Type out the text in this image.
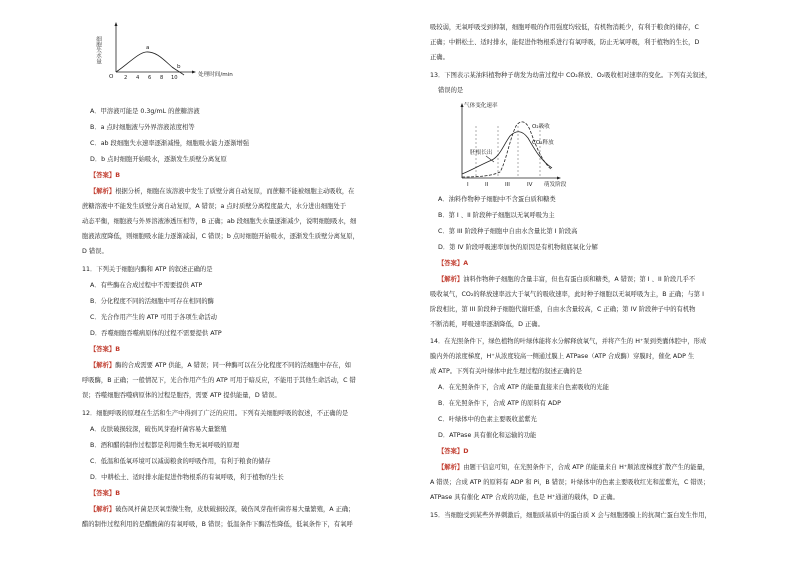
细胞失水量
O
a
b
2 4 6 8 10	处理时间/min

A．甲溶液可能是 0.3g/mL 的蔗糖溶液

B．a 点时细胞液与外界溶液浓度相等

C．ab 段细胞失水速率逐渐减慢，细胞吸水能力逐渐增强

D．b 点时细胞开始吸水，逐渐发生质壁分离复原

【答案】B

【解析】根据分析，细胞在该溶液中发生了质壁分离自动复原，而蔗糖不能被细胞主动吸收，在

蔗糖溶液中不能发生质壁分离自动复原，A 错误；a 点时质壁分离程度最大，水分进出细胞处于

动态平衡，细胞液与外界溶液渗透压相等，B 正确；ab 段细胞失水量逐渐减少，说明细胞吸水，细

胞液浓度降低，则细胞吸水能力逐渐减弱，C 错误；b 点时细胞开始吸水，逐渐发生质壁分离复原，

D 错误。

11．下列关于细胞内酶和 ATP 的叙述正确的是

A．有些酶在合成过程中不需要提供 ATP

B．分化程度不同的活细胞中可存在相同的酶

C．光合作用产生的 ATP 可用于各项生命活动

D．吞噬细胞吞噬病原体的过程不需要提供 ATP

【答案】B

【解析】酶的合成需要 ATP 供能，A 错误；同一种酶可以在分化程度不同的活细胞中存在，如

呼吸酶，B 正确；一般情况下，光合作用产生的 ATP 可用于暗反应，不能用于其他生命活动，C 错

误；吞噬细胞吞噬病原体的过程是胞吞，需要 ATP 提供能量，D 错误。

12．细胞呼吸的原理在生活和生产中得到了广泛的应用。下列有关细胞呼吸的叙述，不正确的是

A．皮肤破损较深，破伤风芽孢杆菌容易大量繁殖

B．酒和醋的制作过程都是利用微生物无氧呼吸的原理

C．低温和低氧环境可以减弱粮食的呼吸作用，有利于粮食的储存

D．中耕松土、适时排水能促进作物根系的有氧呼吸，利于植物的生长

【答案】B

【解析】破伤风杆菌是厌氧型微生物，皮肤破损较深，破伤风芽孢杆菌容易大量繁殖，A 正确；

醋的制作过程利用的是醋酸菌的有氧呼吸，B 错误；低温条件下酶活性降低，低氧条件下，有氧呼

吸较弱，无氧呼吸受到抑制，细胞呼吸的作用强度均较低，有机物消耗少，有利于粮食的储存，C

正确；中耕松土、适时排水，能促进作物根系进行有氧呼吸，防止无氧呼吸，利于植物的生长，D

正确。

13．下图表示某油料植物种子萌发为幼苗过程中 CO₂释放、O₂吸收相对速率的变化。下列有关叙述，

错误的是

气体变化速率
O₂吸收
CO₂释放
胚根长出
I	II	III	IV 萌发阶段

A．油料作物种子细胞中不含蛋白质和糖类

B．第 I 、II 阶段种子细胞以无氧呼吸为主

C．第 III 阶段种子细胞中自由水含量比第 I 阶段高

D．第 IV 阶段呼吸速率加快的原因是有机物彻底氧化分解

【答案】A

【解析】油料作物种子细胞的含量丰富，但也有蛋白质和糖类，A 错误；第 I 、II 阶段几乎不

吸收氧气，CO₂的释放速率远大于氧气的吸收速率，此时种子细胞以无氧呼吸为主，B 正确；与第 I

阶段相比，第 III 阶段种子细胞代谢旺盛，自由水含量较高，C 正确；第 IV 阶段种子中的有机物

不断消耗，呼吸速率逐渐降低，D 正确。

14．在光照条件下，绿色植物的叶绿体能将水分解释放氧气，并将产生的 H⁺泵到类囊体腔中，形成

膜内外的浓度梯度，H⁺从浓度较高一侧通过膜上 ATPase（ATP 合成酶）穿膜时，催化 ADP 生

成 ATP。下列有关叶绿体中此生理过程的叙述正确的是

A．在光照条件下，合成 ATP 的能量直接来自色素吸收的光能

B．在光照条件下，合成 ATP 的原料有 ADP

C．叶绿体中的色素主要吸收蓝紫光

D．ATPase 具有催化和运输的功能

【答案】D

【解析】由题干信息可知，在光照条件下，合成 ATP 的能量来自 H⁺顺浓度梯度扩散产生的能量，

A 错误；合成 ATP 的原料有 ADP 和 Pi，B 错误；叶绿体中的色素主要吸收红光和蓝紫光，C 错误；

ATPase 具有催化 ATP 合成的功能，也是 H⁺通道的载体，D 正确。

15．当细胞受到某些外界刺激后，细胞质基质中的蛋白质 X 会与细胞器膜上的抗凋亡蛋白发生作用，
